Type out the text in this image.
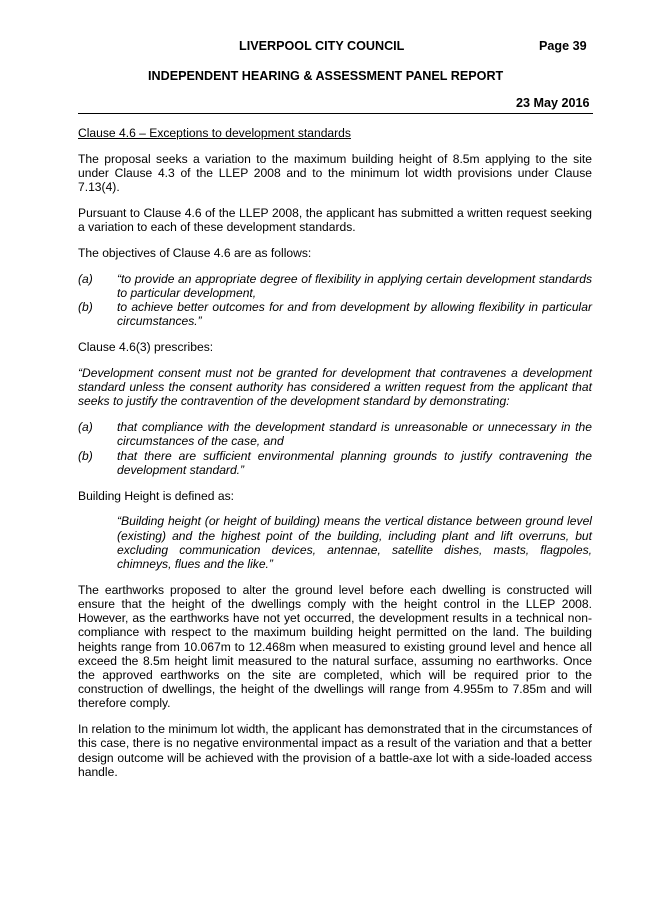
LIVERPOOL CITY COUNCIL	Page 39
INDEPENDENT HEARING & ASSESSMENT PANEL REPORT
23 May 2016

Clause 4.6 – Exceptions to development standards

The proposal seeks a variation to the maximum building height of 8.5m applying to the site under Clause 4.3 of the LLEP 2008 and to the minimum lot width provisions under Clause 7.13(4).

Pursuant to Clause 4.6 of the LLEP 2008, the applicant has submitted a written request seeking a variation to each of these development standards.

The objectives of Clause 4.6 are as follows:

(a)	“to provide an appropriate degree of flexibility in applying certain development standards to particular development,
(b)	to achieve better outcomes for and from development by allowing flexibility in particular circumstances.”

Clause 4.6(3) prescribes:

“Development consent must not be granted for development that contravenes a development standard unless the consent authority has considered a written request from the applicant that seeks to justify the contravention of the development standard by demonstrating:

(a)	that compliance with the development standard is unreasonable or unnecessary in the circumstances of the case, and
(b)	that there are sufficient environmental planning grounds to justify contravening the development standard.”

Building Height is defined as:

“Building height (or height of building) means the vertical distance between ground level (existing) and the highest point of the building, including plant and lift overruns, but excluding communication devices, antennae, satellite dishes, masts, flagpoles, chimneys, flues and the like.”

The earthworks proposed to alter the ground level before each dwelling is constructed will ensure that the height of the dwellings comply with the height control in the LLEP 2008. However, as the earthworks have not yet occurred, the development results in a technical non-compliance with respect to the maximum building height permitted on the land. The building heights range from 10.067m to 12.468m when measured to existing ground level and hence all exceed the 8.5m height limit measured to the natural surface, assuming no earthworks. Once the approved earthworks on the site are completed, which will be required prior to the construction of dwellings, the height of the dwellings will range from 4.955m to 7.85m and will therefore comply.

In relation to the minimum lot width, the applicant has demonstrated that in the circumstances of this case, there is no negative environmental impact as a result of the variation and that a better design outcome will be achieved with the provision of a battle-axe lot with a side-loaded access handle.
